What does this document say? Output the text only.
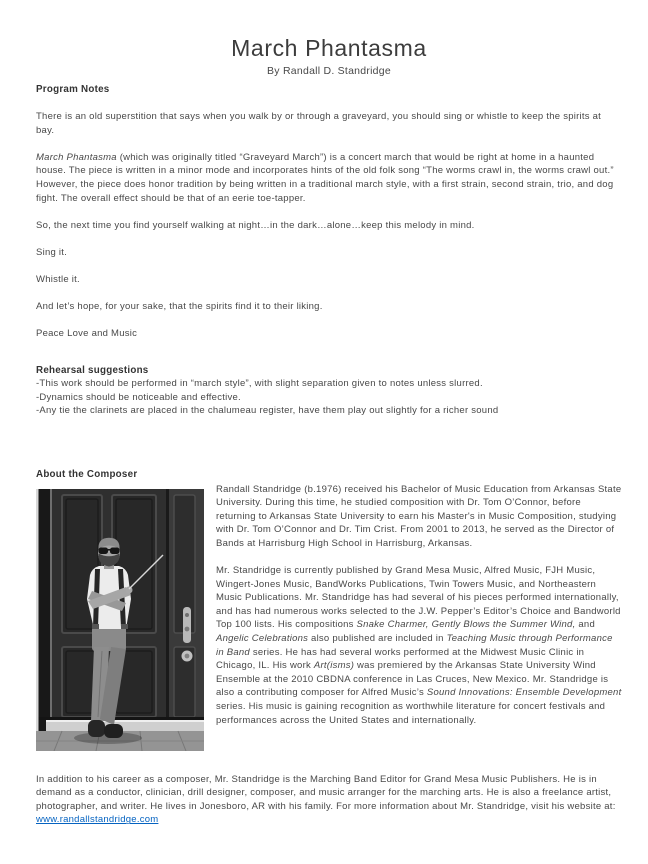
March Phantasma
By Randall D. Standridge
Program Notes

There is an old superstition that says when you walk by or through a graveyard, you should sing or whistle to keep the spirits at bay.

March Phantasma (which was originally titled “Graveyard March”) is a concert march that would be right at home in a haunted house. The piece is written in a minor mode and incorporates hints of the old folk song “The worms crawl in, the worms crawl out.” However, the piece does honor tradition by being written in a traditional march style, with a first strain, second strain, trio, and dog fight. The overall effect should be that of an eerie toe-tapper.

So, the next time you find yourself walking at night…in the dark…alone…keep this melody in mind.

Sing it.

Whistle it.

And let’s hope, for your sake, that the spirits find it to their liking.

Peace Love and Music

Rehearsal suggestions
-This work should be performed in “march style”, with slight separation given to notes unless slurred.
-Dynamics should be noticeable and effective.
-Any tie the clarinets are placed in the chalumeau register, have them play out slightly for a richer sound
About the Composer

Randall Standridge (b.1976) received his Bachelor of Music Education from Arkansas State University. During this time, he studied composition with Dr. Tom O’Connor, before returning to Arkansas State University to earn his Master's in Music Composition, studying with Dr. Tom O’Connor and Dr. Tim Crist. From 2001 to 2013, he served as the Director of Bands at Harrisburg High School in Harrisburg, Arkansas.

Mr. Standridge is currently published by Grand Mesa Music, Alfred Music, FJH Music, Wingert-Jones Music, BandWorks Publications, Twin Towers Music, and Northeastern Music Publications. Mr. Standridge has had several of his pieces performed internationally, and has had numerous works selected to the J.W. Pepper’s Editor’s Choice and Bandworld Top 100 lists. His compositions Snake Charmer, Gently Blows the Summer Wind, and Angelic Celebrations also published are included in Teaching Music through Performance in Band series. He has had several works performed at the Midwest Music Clinic in Chicago, IL. His work Art(isms) was premiered by the Arkansas State University Wind Ensemble at the 2010 CBDNA conference in Las Cruces, New Mexico. Mr. Standridge is also a contributing composer for Alfred Music’s Sound Innovations: Ensemble Development series. His music is gaining recognition as worthwhile literature for concert festivals and performances across the United States and internationally.

In addition to his career as a composer, Mr. Standridge is the Marching Band Editor for Grand Mesa Music Publishers. He is in demand as a conductor, clinician, drill designer, composer, and music arranger for the marching arts. He is also a freelance artist, photographer, and writer. He lives in Jonesboro, AR with his family. For more information about Mr. Standridge, visit his website at: www.randallstandridge.com
